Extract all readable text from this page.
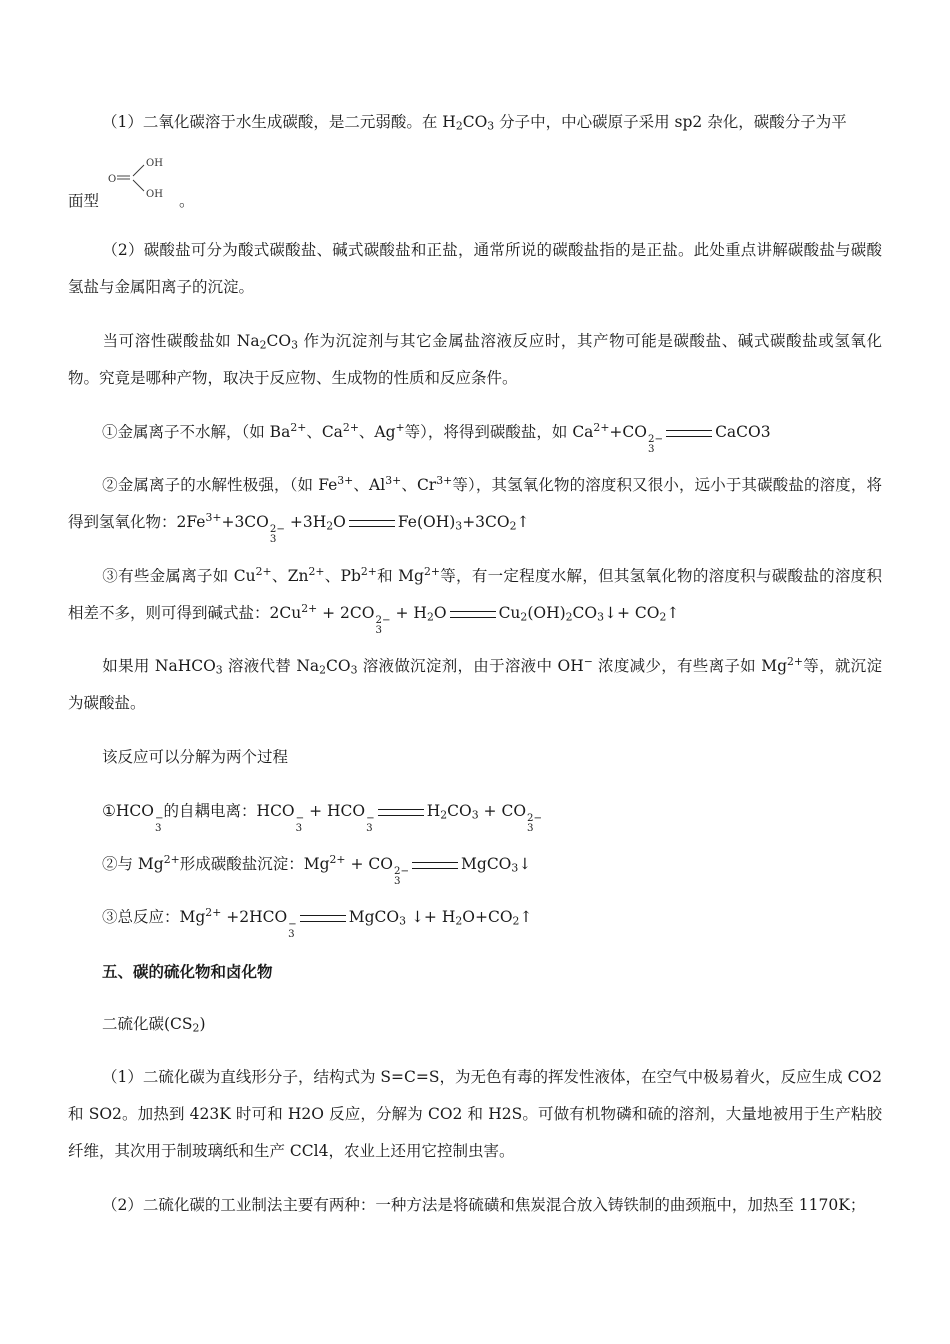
（1）二氧化碳溶于水生成碳酸，是二元弱酸。在 $H_2CO_3$ 分子中，中心碳原子采用 sp2 杂化，碳酸分子为平

O
OH
OH
面型	。

（2）碳酸盐可分为酸式碳酸盐、碱式碳酸盐和正盐，通常所说的碳酸盐指的是正盐。此处重点讲解碳酸盐与碳酸氢盐与金属阳离子的沉淀。

当可溶性碳酸盐如 $Na_2CO_3$ 作为沉淀剂与其它金属盐溶液反应时，其产物可能是碳酸盐、碱式碳酸盐或氢氧化物。究竟是哪种产物，取决于反应物、生成物的性质和反应条件。

①金属离子不水解，（如 $Ba^{2+}$、$Ca^{2+}$、Ag+等），将得到碳酸盐，如 $Ca^{2+}+CO$ 2−
3
CaCO3

②金属离子的水解性极强，（如 $Fe^{3+}$、$Al^{3+}$、$Cr^{3+}$等），其氢氧化物的溶度积又很小，远小于其碳酸盐的溶度，将得到氢氧化物：$2Fe^{3+}+3CO$ 2−
3
$+3H_2O$	$Fe(OH)_3+3CO_2↑$

③有些金属离子如 $Cu^{2+}$、$Zn^{2+}$、$Pb^{2+}$和 $Mg^{2+}$等，有一定程度水解，但其氢氧化物的溶度积与碳酸盐的溶度积相差不多，则可得到碱式盐：$2Cu^{2+} + 2CO$ 2−
3
+ $H_2O$	$Cu_2(OH)_2CO_3↓+$ $CO_2↑$

如果用 NaHCO$_3$ 溶液代替 $Na_2CO_3$ 溶液做沉淀剂，由于溶液中 OH− 浓度减少，有些离子如 $Mg^{2+}$等，就沉淀为碳酸盐。

该反应可以分解为两个过程
①HCO −
3
的自耦电离：HCO −
3
+ HCO −
3
$H_2CO_3$ + CO 2−
3
②与 $Mg^{2+}$形成碳酸盐沉淀：$Mg^{2+}$ + CO 2−
3
MgCO$_3$↓
③总反应：$Mg^{2+} +2HCO$ −
3
MgCO$_3$ ↓+ $H_2O+CO_2↑$
五、碳的硫化物和卤化物
二硫化碳$(CS_2)$

（1）二硫化碳为直线形分子，结构式为 S=C=S，为无色有毒的挥发性液体，在空气中极易着火，反应生成 CO2 和 SO2。加热到 423K 时可和 H2O 反应，分解为 CO2 和 H2S。可做有机物磷和硫的溶剂，大量地被用于生产粘胶纤维，其次用于制玻璃纸和生产 CCl4，农业上还用它控制虫害。

（2）二硫化碳的工业制法主要有两种：一种方法是将硫磺和焦炭混合放入铸铁制的曲颈瓶中，加热至 1170K；
